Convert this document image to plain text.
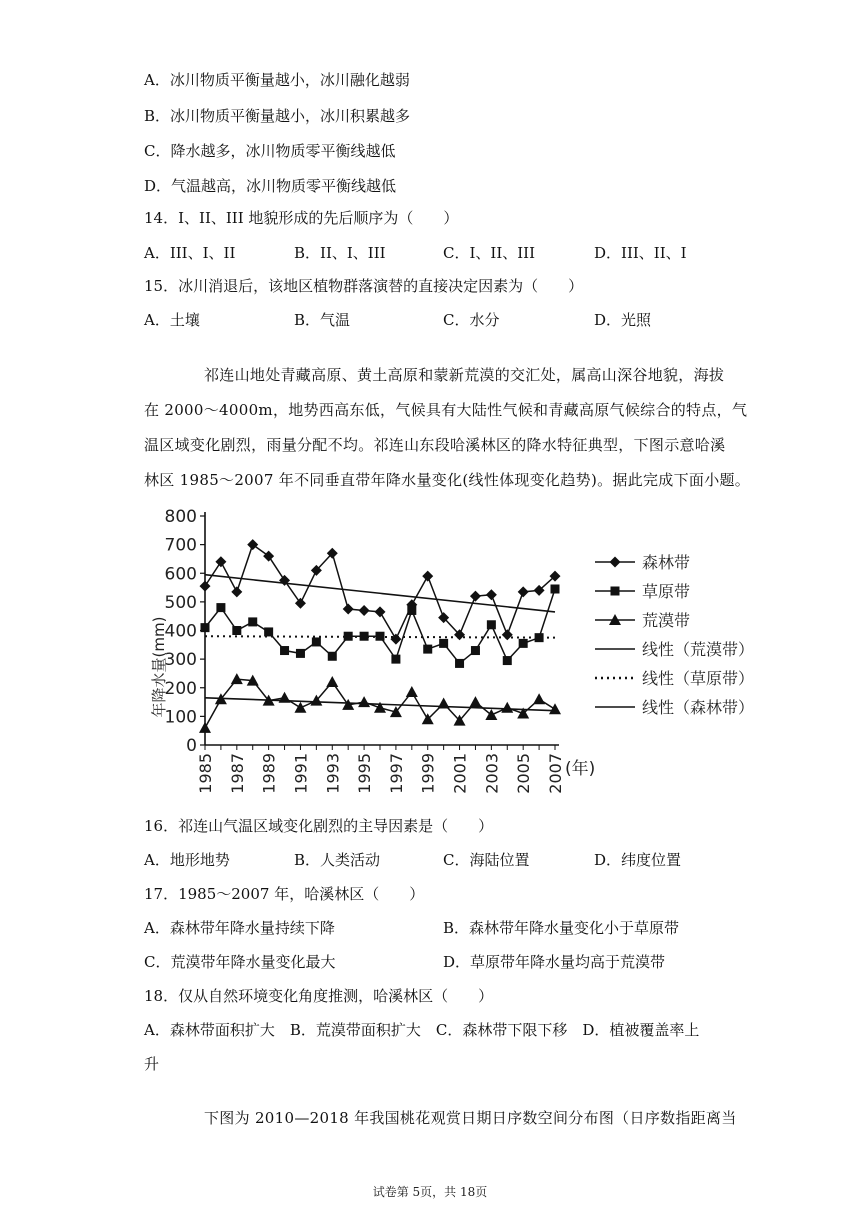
A．冰川物质平衡量越小，冰川融化越弱
B．冰川物质平衡量越小，冰川积累越多
C．降水越多，冰川物质零平衡线越低
D．气温越高，冰川物质零平衡线越低
14．I、II、III 地貌形成的先后顺序为（　　）
A．III、I、II	B．II、I、III	C．I、II、III	D．III、II、I
15．冰川消退后，该地区植物群落演替的直接决定因素为（　　）
A．土壤	B．气温	C．水分	D．光照
祁连山地处青藏高原、黄土高原和蒙新荒漠的交汇处，属高山深谷地貌，海拔
在 2000～4000m，地势西高东低，气候具有大陆性气候和青藏高原气候综合的特点，气
温区域变化剧烈，雨量分配不均。祁连山东段哈溪林区的降水特征典型，下图示意哈溪
林区 1985～2007 年不同垂直带年降水量变化(线性体现变化趋势)。据此完成下面小题。
0
100
200
300
400
500
600
700
800
1985 1987 1989 1991 1993 1995 1997 1999 2001 2003 2005 2007
森林带
草原带
荒漠带
线性（荒漠带）
线性（草原带）
线性（森林带）
年降水量(mm)
(年)
16．祁连山气温区域变化剧烈的主导因素是（　　）
A．地形地势	B．人类活动	C．海陆位置	D．纬度位置
17．1985～2007 年，哈溪林区（　　）
A．森林带年降水量持续下降	B．森林带年降水量变化小于草原带
C．荒漠带年降水量变化最大	D．草原带年降水量均高于荒漠带
18．仅从自然环境变化角度推测，哈溪林区（　　）
A．森林带面积扩大　B．荒漠带面积扩大　C．森林带下限下移　D．植被覆盖率上
升
下图为 2010—2018 年我国桃花观赏日期日序数空间分布图（日序数指距离当
试卷第 5页，共 18页
